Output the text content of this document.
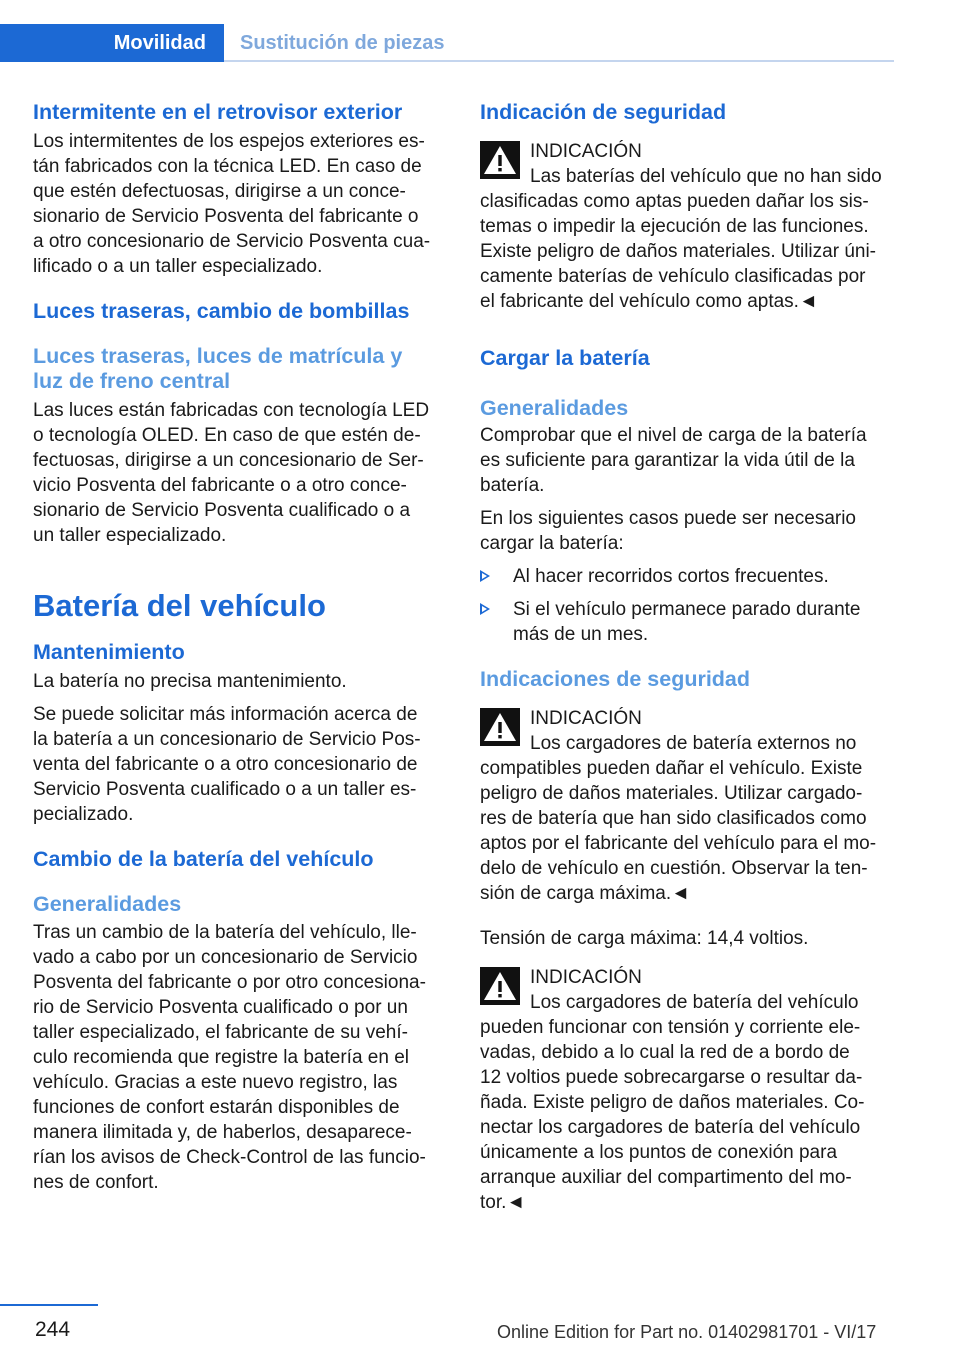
Movilidad Sustitución de piezas
Intermitente en el retrovisor exterior

Los intermitentes de los espejos exteriores es‐
tán fabricados con la técnica LED. En caso de
que estén defectuosas, dirigirse a un conce‐
sionario de Servicio Posventa del fabricante o
a otro concesionario de Servicio Posventa cua‐
lificado o a un taller especializado.

Luces traseras, cambio de bombillas
Luces traseras, luces de matrícula y
luz de freno central

Las luces están fabricadas con tecnología LED
o tecnología OLED. En caso de que estén de‐
fectuosas, dirigirse a un concesionario de Ser‐
vicio Posventa del fabricante o a otro conce‐
sionario de Servicio Posventa cualificado o a
un taller especializado.

Batería del vehículo
Mantenimiento

La batería no precisa mantenimiento.

Se puede solicitar más información acerca de
la batería a un concesionario de Servicio Pos‐
venta del fabricante o a otro concesionario de
Servicio Posventa cualificado o a un taller es‐
pecializado.

Cambio de la batería del vehículo
Generalidades

Tras un cambio de la batería del vehículo, lle‐
vado a cabo por un concesionario de Servicio
Posventa del fabricante o por otro concesiona‐
rio de Servicio Posventa cualificado o por un
taller especializado, el fabricante de su vehí‐
culo recomienda que registre la batería en el
vehículo. Gracias a este nuevo registro, las
funciones de confort estarán disponibles de
manera ilimitada y, de haberlos, desaparece‐
rían los avisos de Check-Control de las funcio‐
nes de confort.

Indicación de seguridad
INDICACIÓN
Las baterías del vehículo que no han sido

clasificadas como aptas pueden dañar los sis‐
temas o impedir la ejecución de las funciones.
Existe peligro de daños materiales. Utilizar úni‐
camente baterías de vehículo clasificadas por
el fabricante del vehículo como aptas.◄

Cargar la batería
Generalidades

Comprobar que el nivel de carga de la batería
es suficiente para garantizar la vida útil de la
batería.

En los siguientes casos puede ser necesario
cargar la batería:

Al hacer recorridos cortos frecuentes.
Si el vehículo permanece parado durante
más de un mes.
Indicaciones de seguridad
INDICACIÓN
Los cargadores de batería externos no

compatibles pueden dañar el vehículo. Existe
peligro de daños materiales. Utilizar cargado‐
res de batería que han sido clasificados como
aptos por el fabricante del vehículo para el mo‐
delo de vehículo en cuestión. Observar la ten‐
sión de carga máxima.◄

Tensión de carga máxima: 14,4 voltios.

INDICACIÓN
Los cargadores de batería del vehículo

pueden funcionar con tensión y corriente ele‐
vadas, debido a lo cual la red de a bordo de
12 voltios puede sobrecargarse o resultar da‐
ñada. Existe peligro de daños materiales. Co‐
nectar los cargadores de batería del vehículo
únicamente a los puntos de conexión para
arranque auxiliar del compartimento del mo‐
tor.◄

244	Online Edition for Part no. 01402981701 - VI/17
